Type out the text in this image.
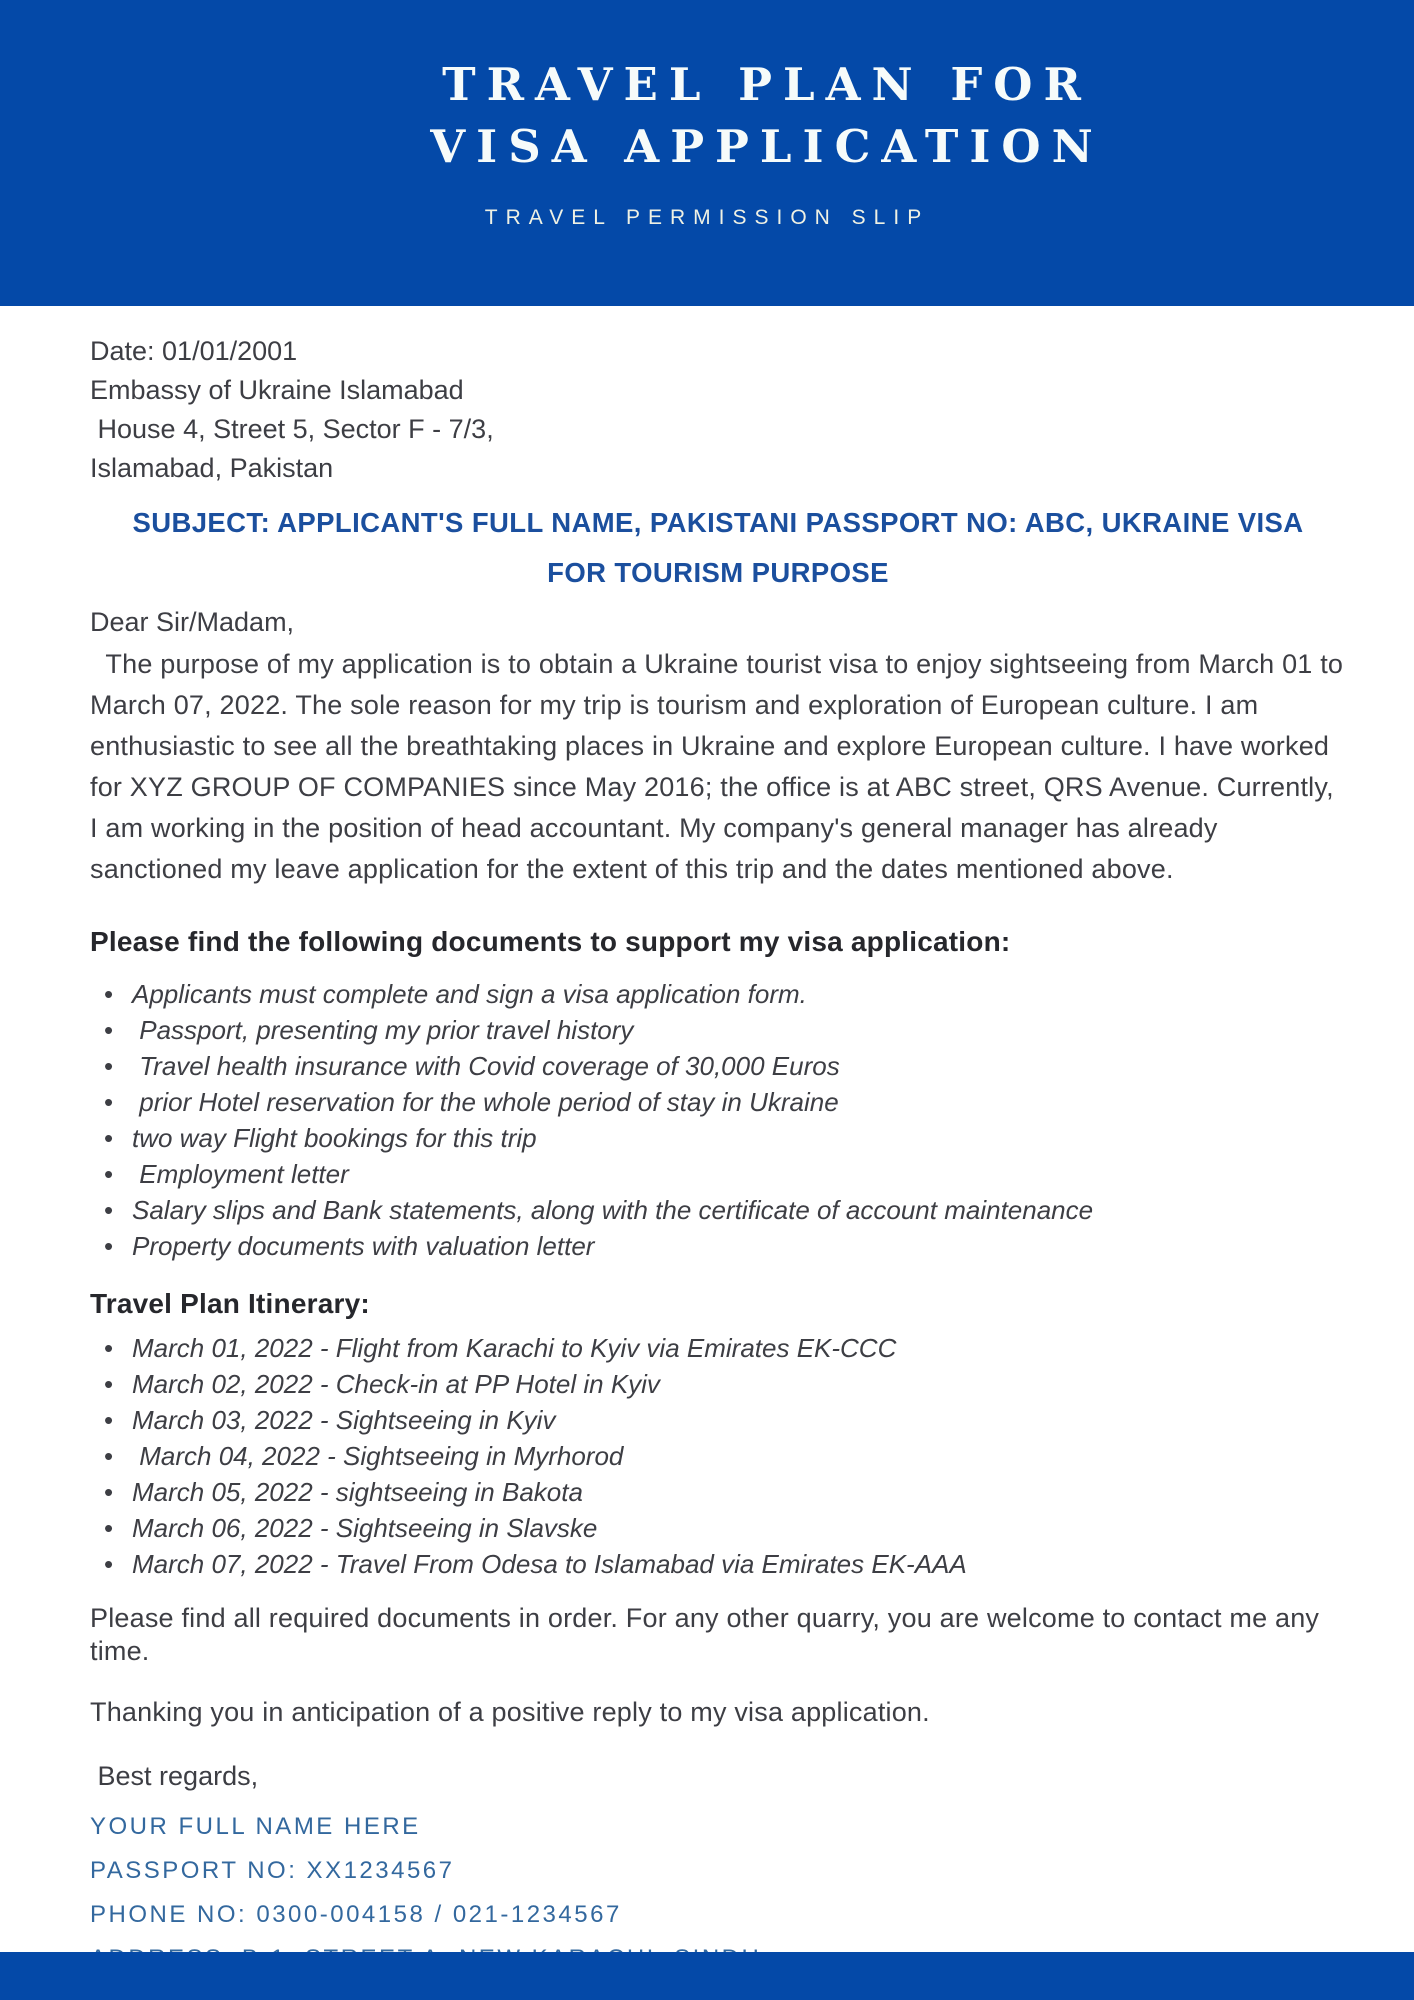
TRAVEL PLAN FOR
VISA APPLICATION
TRAVEL PERMISSION SLIP
Date: 01/01/2001
Embassy of Ukraine Islamabad
House 4, Street 5, Sector F - 7/3,
Islamabad, Pakistan
SUBJECT: APPLICANT'S FULL NAME, PAKISTANI PASSPORT NO: ABC, UKRAINE VISA
FOR TOURISM PURPOSE
Dear Sir/Madam,
The purpose of my application is to obtain a Ukraine tourist visa to enjoy sightseeing from March 01 to March 07, 2022. The sole reason for my trip is tourism and exploration of European culture. I am enthusiastic to see all the breathtaking places in Ukraine and explore European culture. I have worked for XYZ GROUP OF COMPANIES since May 2016; the office is at ABC street, QRS Avenue. Currently, I am working in the position of head accountant. My company's general manager has already sanctioned my leave application for the extent of this trip and the dates mentioned above.
Please find the following documents to support my visa application:
• Applicants must complete and sign a visa application form.
•  Passport, presenting my prior travel history
•  Travel health insurance with Covid coverage of 30,000 Euros
•  prior Hotel reservation for the whole period of stay in Ukraine
• two way Flight bookings for this trip
•  Employment letter
• Salary slips and Bank statements, along with the certificate of account maintenance
• Property documents with valuation letter
Travel Plan Itinerary:
• March 01, 2022 - Flight from Karachi to Kyiv via Emirates EK-CCC
• March 02, 2022 - Check-in at PP Hotel in Kyiv
• March 03, 2022 - Sightseeing in Kyiv
•  March 04, 2022 - Sightseeing in Myrhorod
• March 05, 2022 - sightseeing in Bakota
• March 06, 2022 - Sightseeing in Slavske
• March 07, 2022 - Travel From Odesa to Islamabad via Emirates EK-AAA
Please find all required documents in order. For any other quarry, you are welcome to contact me any time.
Thanking you in anticipation of a positive reply to my visa application.
Best regards,
YOUR FULL NAME HERE
PASSPORT NO: XX1234567
PHONE NO: 0300-004158 / 021-1234567
